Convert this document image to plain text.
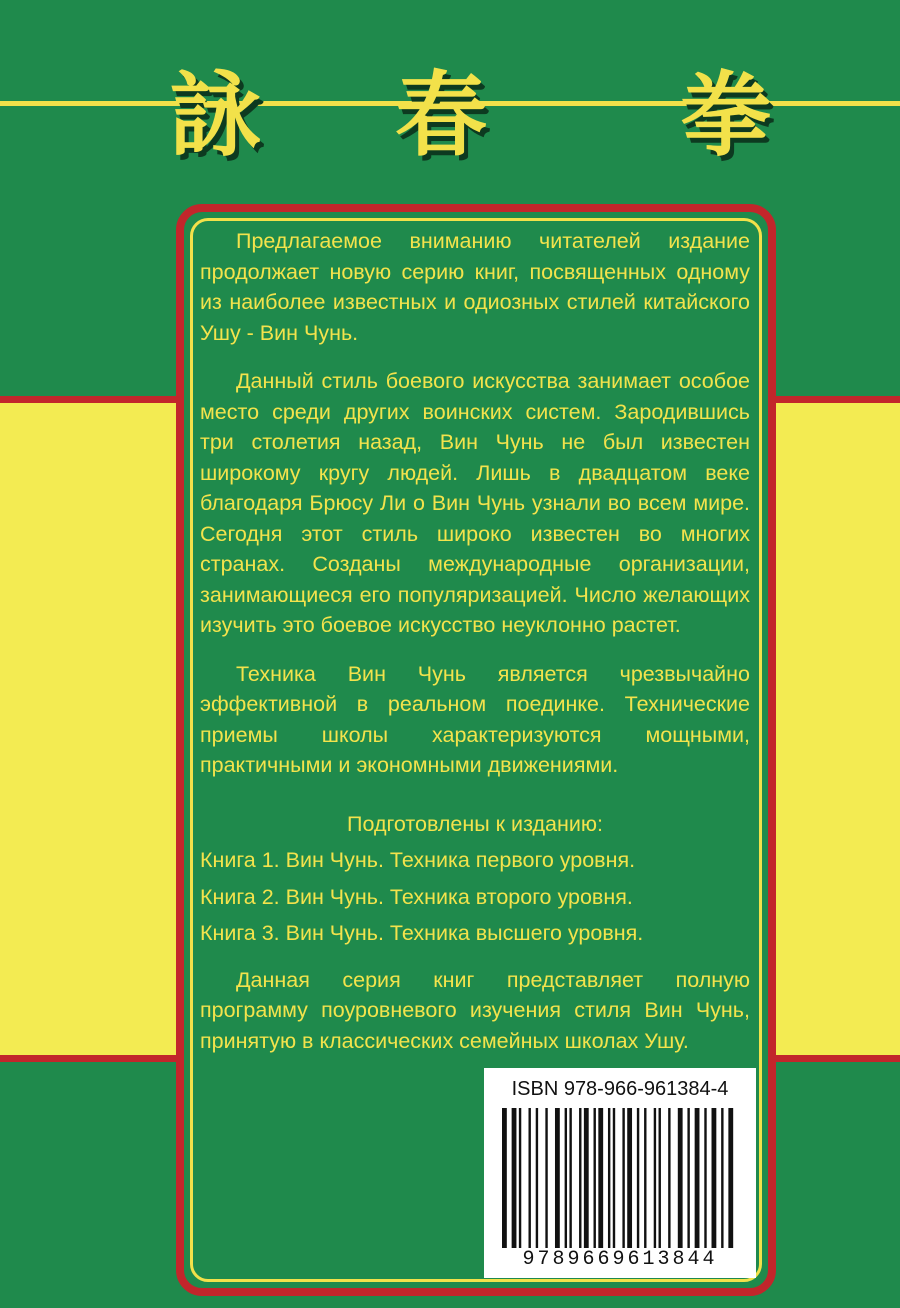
詠 春 拳

Предлагаемое вниманию читателей издание продолжает новую серию книг, посвященных одному из наиболее известных и одиозных стилей китайского Ушу - Вин Чунь.

Данный стиль боевого искусства занимает особое место среди других воинских систем. Зародившись три столетия назад, Вин Чунь не был известен широкому кругу людей. Лишь в двадцатом веке благодаря Брюсу Ли о Вин Чунь узнали во всем мире. Сегодня этот стиль широко известен во многих странах. Созданы международные организации, занимающиеся его популяризацией. Число желающих изучить это боевое искусство неуклонно растет.

Техника Вин Чунь является чрезвычайно эффективной в реальном поединке. Технические приемы школы характеризуются мощными, практичными и экономными движениями.

Подготовлены к изданию:

Книга 1. Вин Чунь. Техника первого уровня.

Книга 2. Вин Чунь. Техника второго уровня.

Книга 3. Вин Чунь. Техника высшего уровня.

Данная серия книг представляет полную программу поуровневого изучения стиля Вин Чунь, принятую в классических семейных школах Ушу.

ISBN 978-966-961384-4
9789669613844
